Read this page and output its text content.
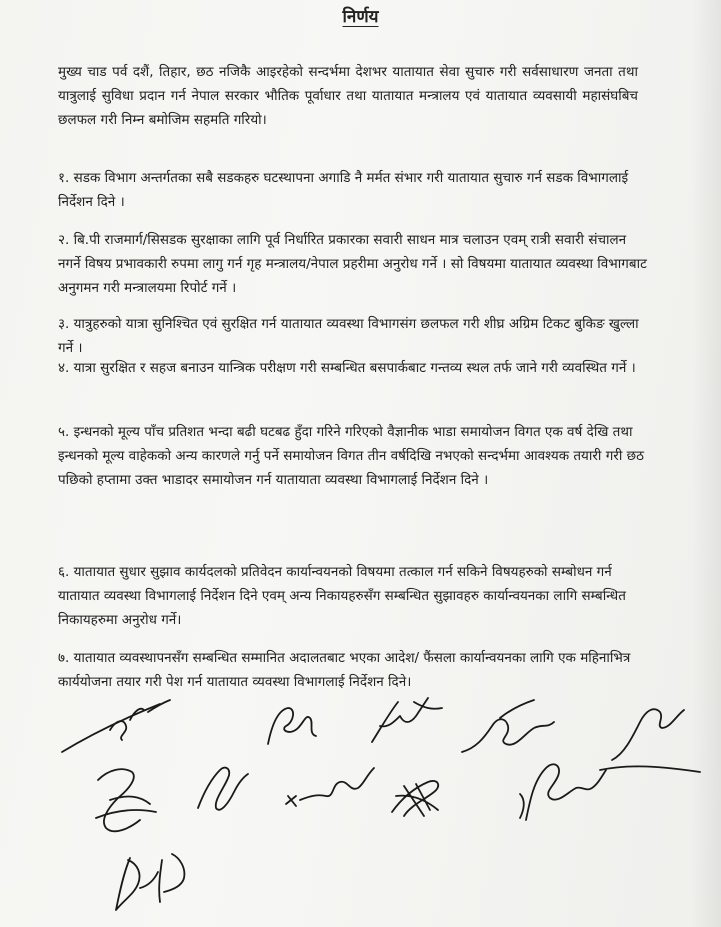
निर्णय
मुख्य चाड पर्व दशैं, तिहार, छठ नजिकै आइरहेको सन्दर्भमा देशभर यातायात सेवा सुचारु गरी सर्वसाधारण जनता तथा यात्रुलाई सुविधा प्रदान गर्न नेपाल सरकार भौतिक पूर्वाधार तथा यातायात मन्त्रालय एवं यातायात व्यवसायी महासंघबिच छलफल गरी निम्न बमोजिम सहमति गरियो।
१. सडक विभाग अन्तर्गतका सबै सडकहरु घटस्थापना अगाडि नै मर्मत संभार गरी यातायात सुचारु गर्न सडक विभागलाई निर्देशन दिने ।
२. बि.पी राजमार्ग/सिसडक सुरक्षाका लागि पूर्व निर्धारित प्रकारका सवारी साधन मात्र चलाउन एवम् रात्री सवारी संचालन नगर्ने विषय प्रभावकारी रुपमा लागु गर्न गृह मन्त्रालय/नेपाल प्रहरीमा अनुरोध गर्ने । सो विषयमा यातायात व्यवस्था विभागबाट अनुगमन गरी मन्त्रालयमा रिपोर्ट गर्ने ।
३. यात्रुहरुको यात्रा सुनिश्चित एवं सुरक्षित गर्न यातायात व्यवस्था विभागसंग छलफल गरी शीघ्र अग्रिम टिकट बुकिङ खुल्ला गर्ने ।
४. यात्रा सुरक्षित र सहज बनाउन यान्त्रिक परीक्षण गरी सम्बन्धित बसपार्कबाट गन्तव्य स्थल तर्फ जाने गरी व्यवस्थित गर्ने ।
५. इन्धनको मूल्य पाँच प्रतिशत भन्दा बढी घटबढ हुँदा गरिने गरिएको वैज्ञानीक भाडा समायोजन विगत एक वर्ष देखि तथा इन्धनको मूल्य वाहेकको अन्य कारणले गर्नु पर्ने समायोजन विगत तीन वर्षदिखि नभएको सन्दर्भमा आवश्यक तयारी गरी छठ पछिको हप्तामा उक्त भाडादर समायोजन गर्न यातायाता व्यवस्था विभागलाई निर्देशन दिने ।
६. यातायात सुधार सुझाव कार्यदलको प्रतिवेदन कार्यान्वयनको विषयमा तत्काल गर्न सकिने विषयहरुको सम्बोधन गर्न यातायात व्यवस्था विभागलाई निर्देशन दिने एवम् अन्य निकायहरुसँग सम्बन्धित सुझावहरु कार्यान्वयनका लागि सम्बन्धित निकायहरुमा अनुरोध गर्ने।
७. यातायात व्यवस्थापनसँग सम्बन्धित सम्मानित अदालतबाट भएका आदेश/ फैंसला कार्यान्वयनका लागि एक महिनाभित्र कार्ययोजना तयार गरी पेश गर्न यातायात व्यवस्था विभागलाई निर्देशन दिने।
